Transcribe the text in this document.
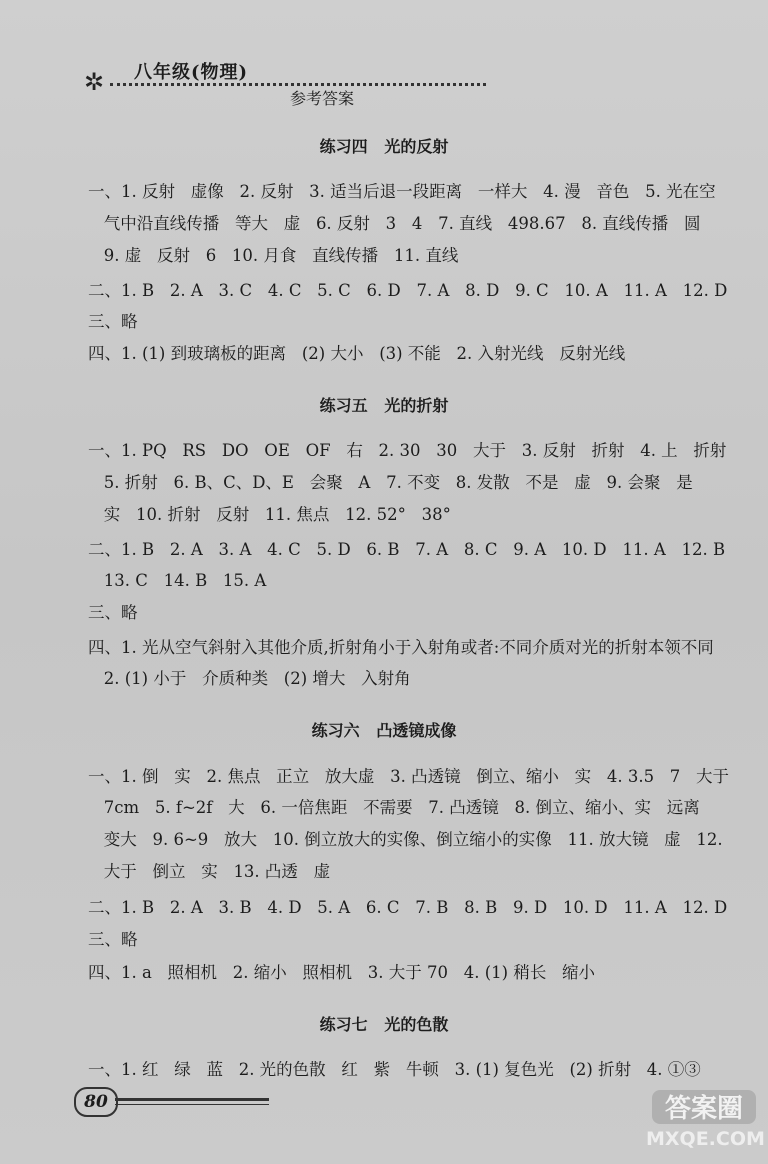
✲ 八年级(物理)
参考答案
练习四   光的反射
一、1. 反射   虚像   2. 反射   3. 适当后退一段距离   一样大   4. 漫   音色   5. 光在空
气中沿直线传播   等大   虚   6. 反射   3   4   7. 直线   498.67   8. 直线传播   圆
9. 虚   反射   6   10. 月食   直线传播   11. 直线
二、1. B   2. A   3. C   4. C   5. C   6. D   7. A   8. D   9. C   10. A   11. A   12. D
三、略
四、1. (1) 到玻璃板的距离   (2) 大小   (3) 不能   2. 入射光线   反射光线
练习五   光的折射
一、1. PQ   RS   DO   OE   OF   右   2. 30   30   大于   3. 反射   折射   4. 上   折射
5. 折射   6. B、C、D、E   会聚   A   7. 不变   8. 发散   不是   虚   9. 会聚   是
实   10. 折射   反射   11. 焦点   12. 52°   38°
二、1. B   2. A   3. A   4. C   5. D   6. B   7. A   8. C   9. A   10. D   11. A   12. B
13. C   14. B   15. A
三、略
四、1. 光从空气斜射入其他介质,折射角小于入射角或者:不同介质对光的折射本领不同
2. (1) 小于   介质种类   (2) 增大   入射角
练习六   凸透镜成像
一、1. 倒   实   2. 焦点   正立   放大虚   3. 凸透镜   倒立、缩小   实   4. 3.5   7   大于
7cm   5. f~2f   大   6. 一倍焦距   不需要   7. 凸透镜   8. 倒立、缩小、实   远离
变大   9. 6~9   放大   10. 倒立放大的实像、倒立缩小的实像   11. 放大镜   虚   12.
大于   倒立   实   13. 凸透   虚
二、1. B   2. A   3. B   4. D   5. A   6. C   7. B   8. B   9. D   10. D   11. A   12. D
三、略
四、1. a   照相机   2. 缩小   照相机   3. 大于 70   4. (1) 稍长   缩小
练习七   光的色散
一、1. 红   绿   蓝   2. 光的色散   红   紫   牛顿   3. (1) 复色光   (2) 折射   4. ①③
80	答案圈
MXQE.COM
